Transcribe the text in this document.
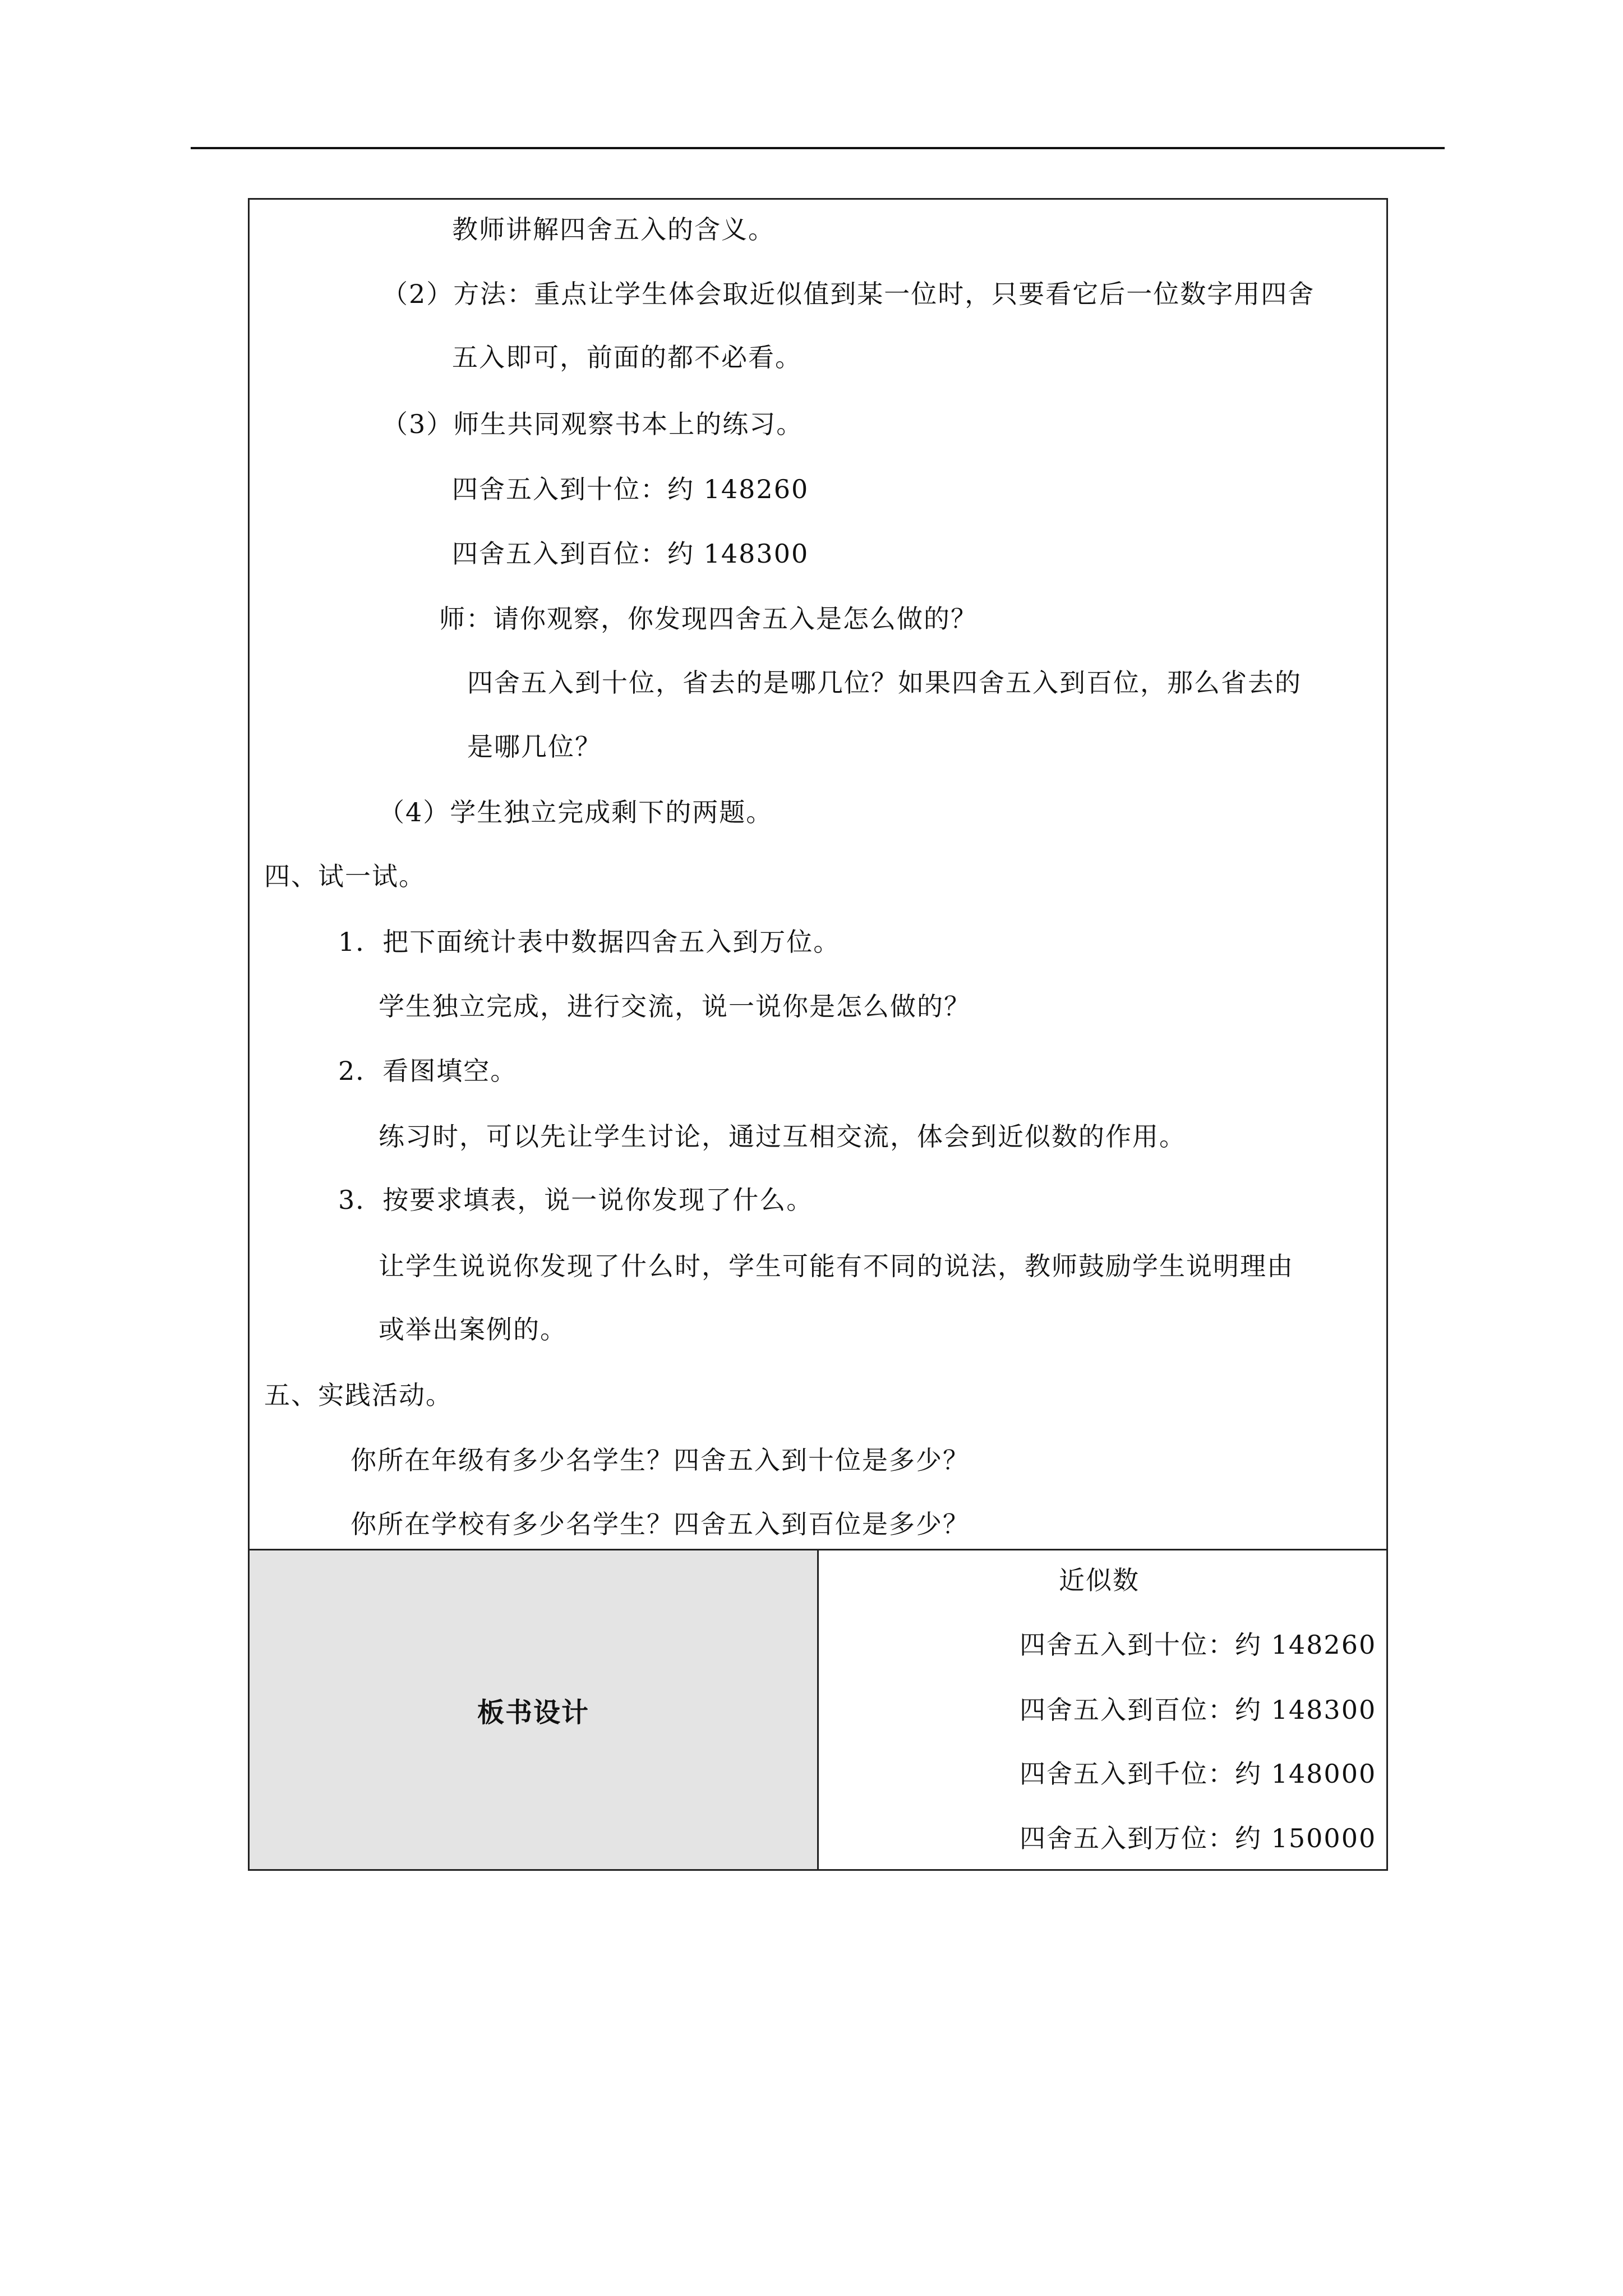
教师讲解四舍五入的含义。
（2）方法：重点让学生体会取近似值到某一位时，只要看它后一位数字用四舍
五入即可，前面的都不必看。
（3）师生共同观察书本上的练习。
四舍五入到十位：约 148260
四舍五入到百位：约 148300
师：请你观察，你发现四舍五入是怎么做的？
四舍五入到十位，省去的是哪几位？如果四舍五入到百位，那么省去的
是哪几位？
（4）学生独立完成剩下的两题。
四、试一试。
1．把下面统计表中数据四舍五入到万位。
学生独立完成，进行交流，说一说你是怎么做的？
2．看图填空。
练习时，可以先让学生讨论，通过互相交流，体会到近似数的作用。
3．按要求填表，说一说你发现了什么。
让学生说说你发现了什么时，学生可能有不同的说法，教师鼓励学生说明理由
或举出案例的。
五、实践活动。
你所在年级有多少名学生？四舍五入到十位是多少？
你所在学校有多少名学生？四舍五入到百位是多少？

板书设计	
近似数
四舍五入到十位：约 148260
四舍五入到百位：约 148300
四舍五入到千位：约 148000
四舍五入到万位：约 150000
